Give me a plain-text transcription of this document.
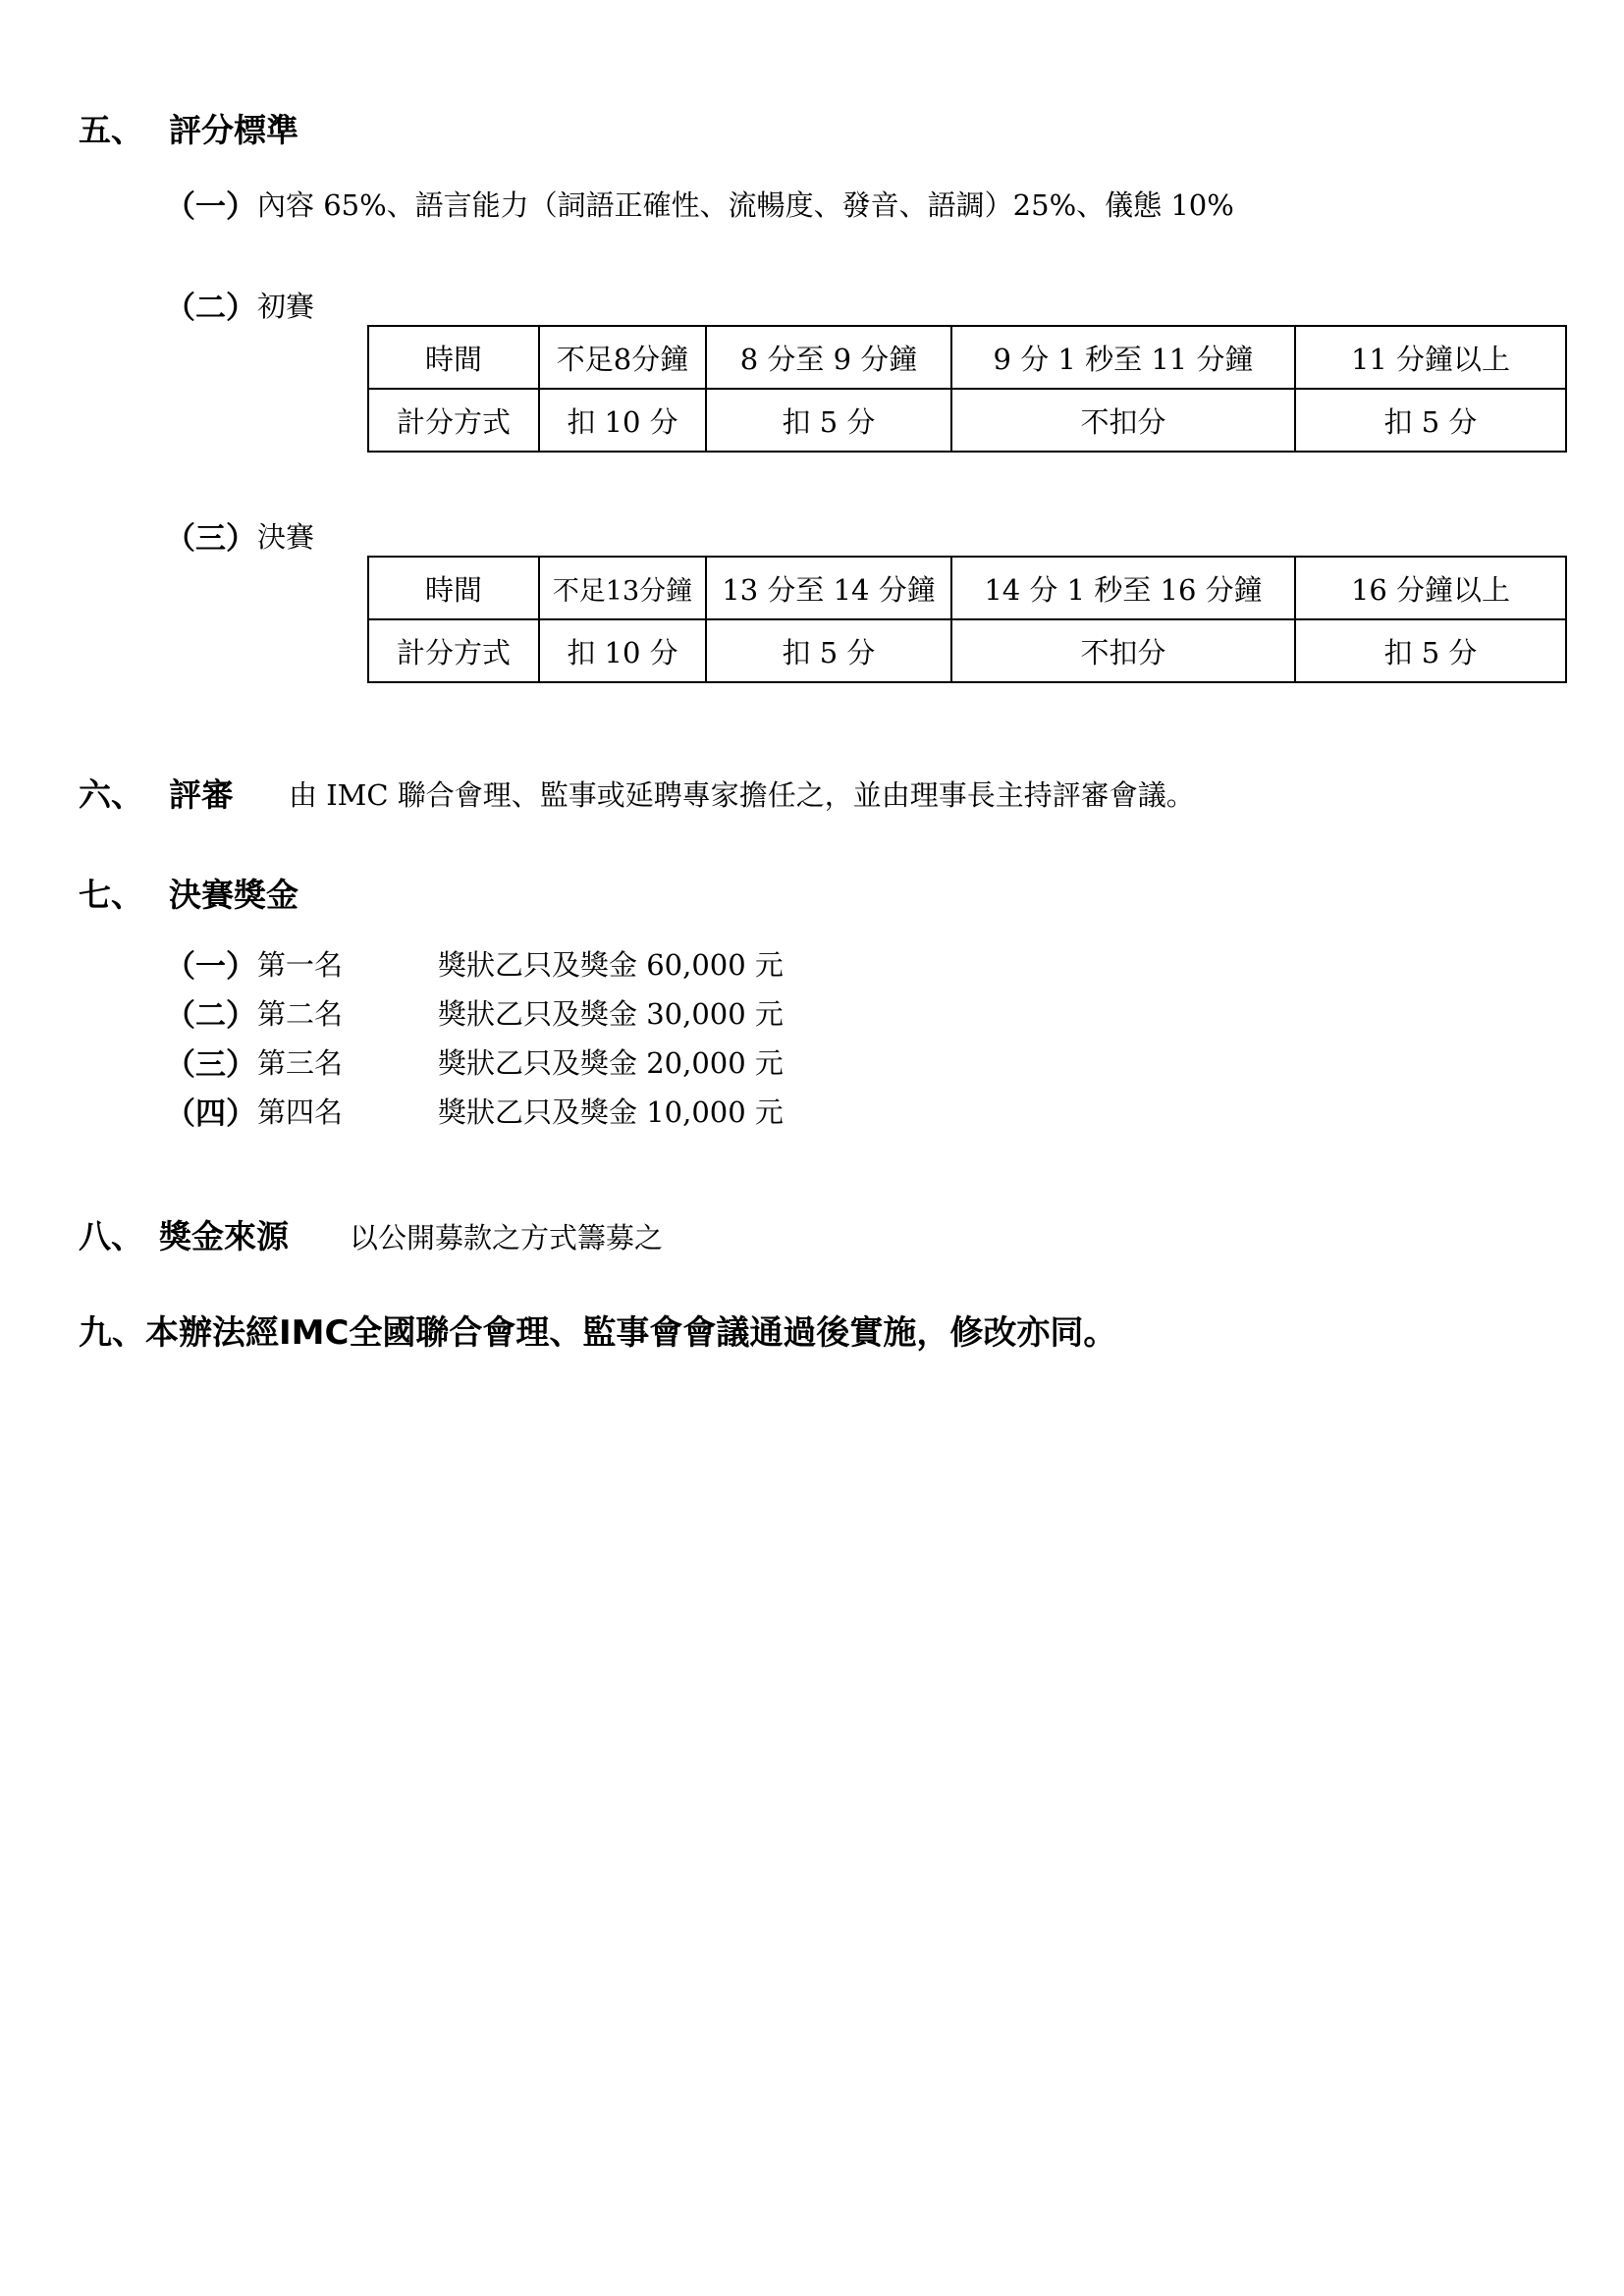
五、 評分標準
（一） 內容 65%、語言能力（詞語正確性、流暢度、發音、語調）25%、儀態 10%
（二） 初賽
時間	不足8分鐘	8 分至 9 分鐘	9 分 1 秒至 11 分鐘	11 分鐘以上
計分方式	扣 10 分	扣 5 分	不扣分	扣 5 分
（三） 決賽
時間	不足13分鐘	13 分至 14 分鐘	14 分 1 秒至 16 分鐘	16 分鐘以上
計分方式	扣 10 分	扣 5 分	不扣分	扣 5 分
六、 評審 由 IMC 聯合會理、監事或延聘專家擔任之，並由理事長主持評審會議。
七、 決賽獎金
（一） 第一名	獎狀乙只及獎金 60,000 元
（二） 第二名	獎狀乙只及獎金 30,000 元
（三） 第三名	獎狀乙只及獎金 20,000 元
（四） 第四名	獎狀乙只及獎金 10,000 元
八、 獎金來源 以公開募款之方式籌募之
九、本辦法經IMC全國聯合會理、監事會會議通過後實施，修改亦同。
